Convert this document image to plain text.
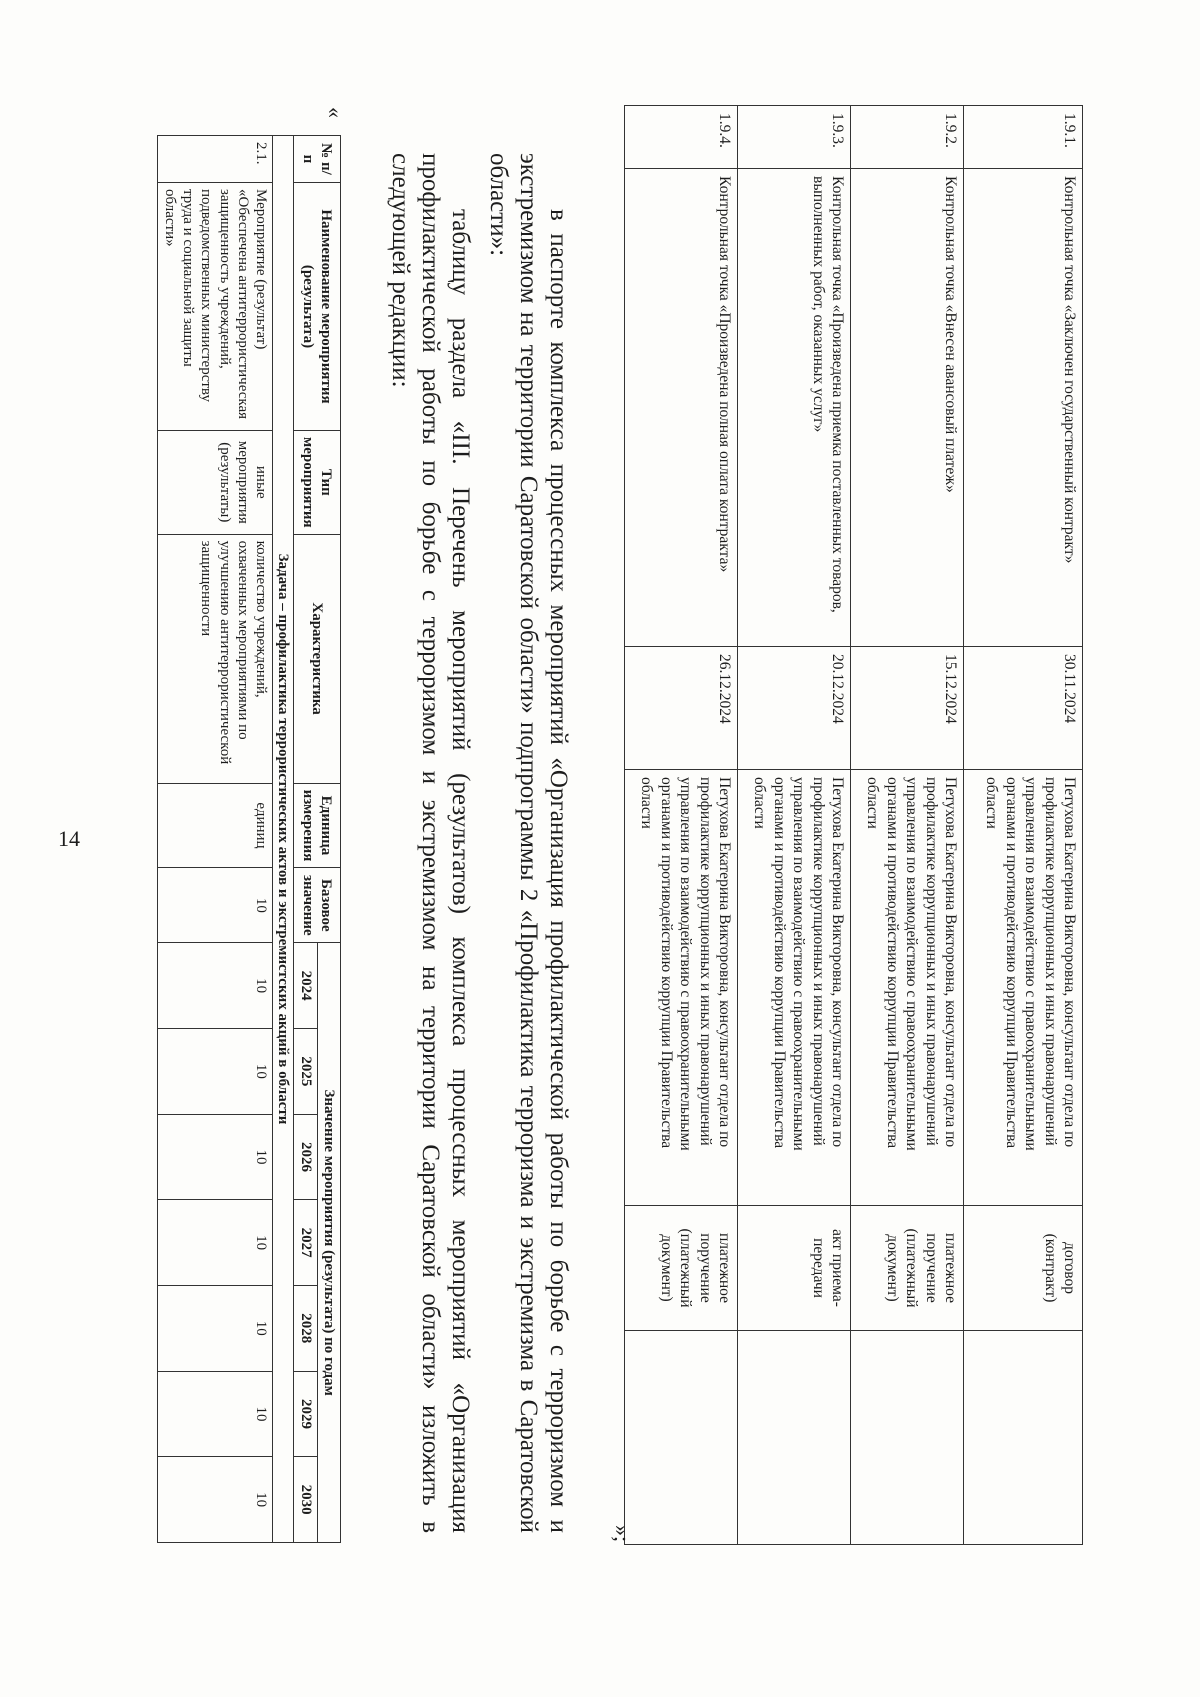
14
1.9.1.	Контрольная точка «Заключен государственный контракт»	30.11.2024	Петухова Екатерина Викторовна, консультант отдела по профилактике коррупционных и иных правонарушений управления по взаимодействию с правоохранительными органами и противодействию коррупции Правительства области	договор (контракт)	
1.9.2.	Контрольная точка «Внесен авансовый платеж»	15.12.2024	Петухова Екатерина Викторовна, консультант отдела по профилактике коррупционных и иных правонарушений управления по взаимодействию с правоохранительными органами и противодействию коррупции Правительства области	платежное поручение (платежный документ)	
1.9.3.	Контрольная точка «Произведена приемка поставленных товаров, выполненных работ, оказанных услуг»	20.12.2024	Петухова Екатерина Викторовна, консультант отдела по профилактике коррупционных и иных правонарушений управления по взаимодействию с правоохранительными органами и противодействию коррупции Правительства области	акт приема-передачи	
1.9.4.	Контрольная точка «Произведена полная оплата контракта»	26.12.2024	Петухова Екатерина Викторовна, консультант отдела по профилактике коррупционных и иных правонарушений управления по взаимодействию с правоохранительными органами и противодействию коррупции Правительства области	платежное поручение (платежный документ)	
»;
в паспорте комплекса процессных мероприятий «Организация профилактической работы по борьбе с терроризмом и экстремизмом на территории Саратовской области» подпрограммы 2 «Профилактика терроризма и экстремизма в Саратовской области»:
таблицу раздела «III. Перечень мероприятий (результатов) комплекса процессных мероприятий «Организация профилактической работы по борьбе с терроризмом и экстремизмом на территории Саратовской области» изложить в следующей редакции:
«
№ п/п	Наименование мероприятия (результата)	Тип мероприятия	Характеристика	Единица измерения	Базовое значение	Значение мероприятия (результата) по годам						
						2024	2025	2026	2027	2028	2029	2030
Задача – профилактика террористических актов и экстремистских акций в области												
2.1.	Мероприятие (результат) «Обеспечена антитеррористическая защищенность учреждений, подведомственных министерству труда и социальной защиты области»	иные мероприятия (результаты)	количество учреждений, охваченных мероприятиями по улучшению антитеррористической защищенности	единиц	10	10	10	10	10	10	10	10
